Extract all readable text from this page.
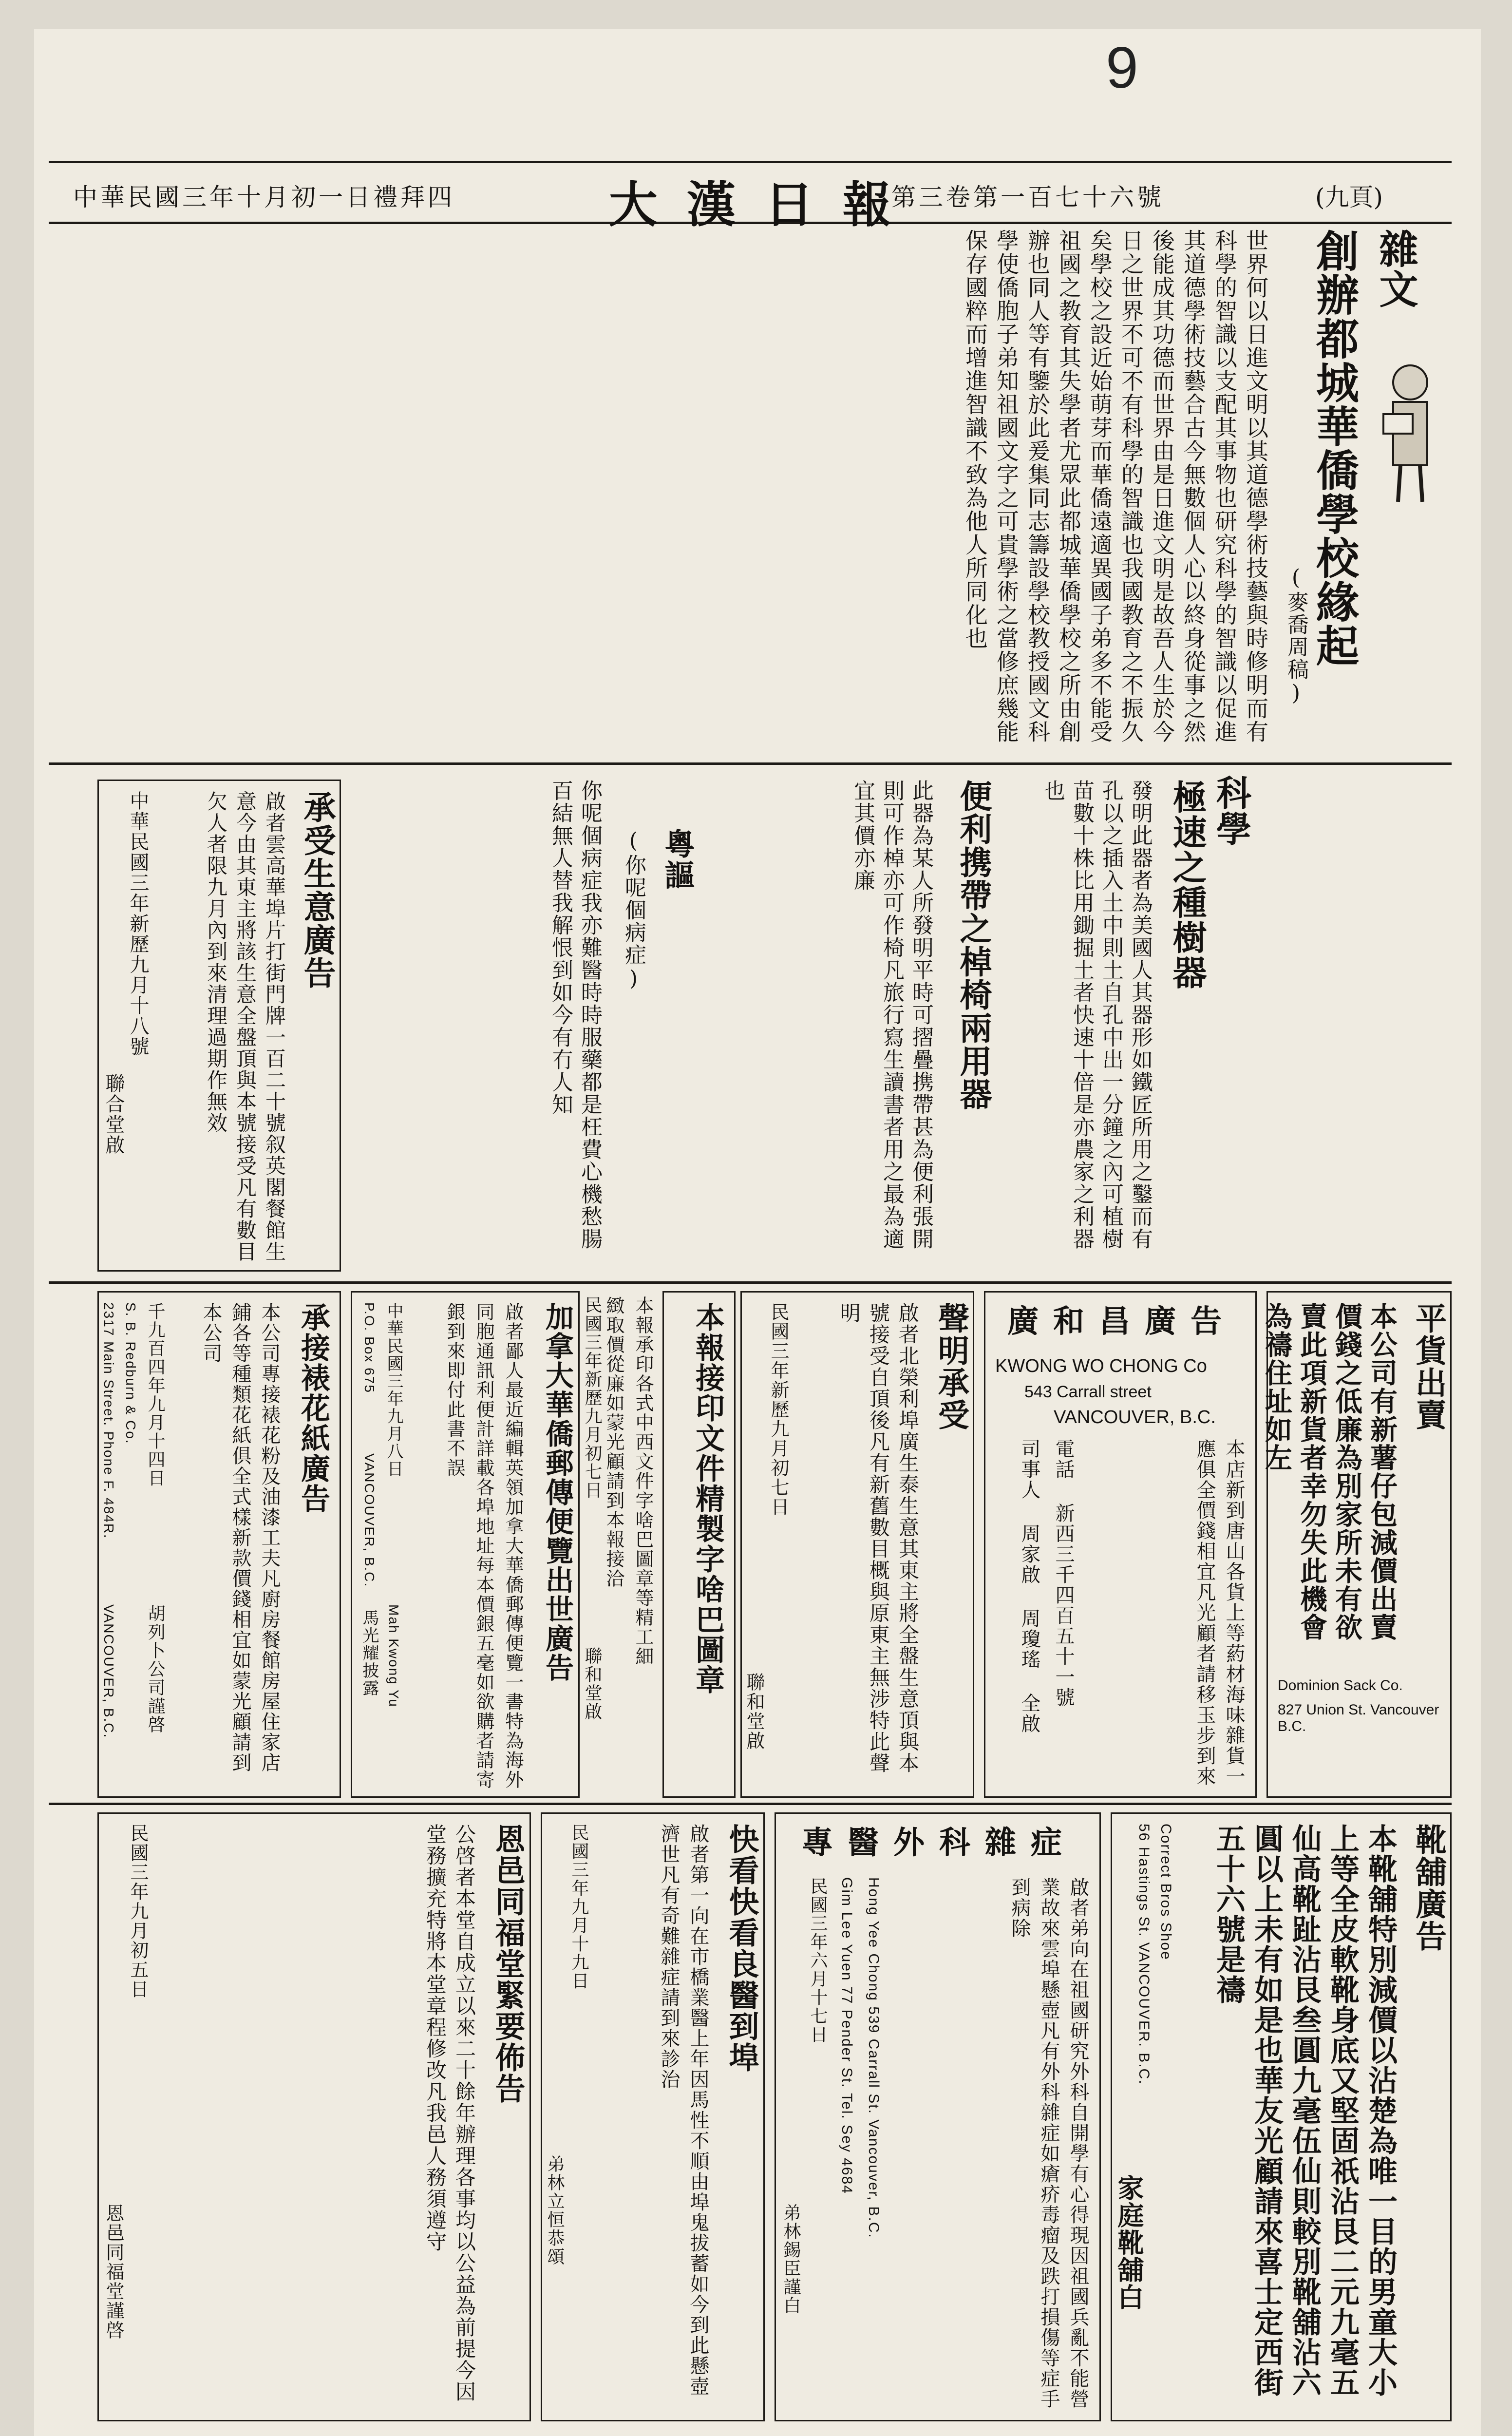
9
中華民國三年十月初一日禮拜四	大漢日報
第三卷第一百七十六號	(九頁)
雜文
創辦都城華僑學校緣起
(麥喬周稿)
世界何以日進文明以其道德學術技藝與時修明而有科學的智識以支配其事物也研究科學的智識以促進其道德學術技藝合古今無數個人心以終身從事之然後能成其功德而世界由是日進文明是故吾人生於今日之世界不可不有科學的智識也我國教育之不振久矣學校之設近始萌芽而華僑遠適異國子弟多不能受祖國之教育其失學者尤眾此都城華僑學校之所由創辦也同人等有鑒於此爰集同志籌設學校教授國文科學使僑胞子弟知祖國文字之可貴學術之當修庶幾能保存國粹而增進智識不致為他人所同化也
科學
極速之種樹器
發明此器者為美國人其器形如鐵匠所用之鑿而有孔以之插入土中則土自孔中出一分鐘之內可植樹苗數十株比用鋤掘土者快速十倍是亦農家之利器也
便利携帶之棹椅兩用器
此器為某人所發明平時可摺疊携帶甚為便利張開則可作棹亦可作椅凡旅行寫生讀書者用之最為適宜其價亦廉
粵謳
(你呢個病症)
你呢個病症我亦難醫時時服藥都是枉費心機愁腸百結無人替我解恨到如今有冇人知
承受生意廣告
啟者雲高華埠片打街門牌一百二十號叙英閣餐館生意今由其東主將該生意全盤頂與本號接受凡有數目欠人者限九月內到來清理過期作無效
中華民國三年新歷九月十八號
聯合堂啟
平貨出賣
本公司有新薯仔包減價出賣價錢之低廉為別家所未有欲賣此項新貨者幸勿失此機會為禱住址如左
Dominion Sack Co.
827 Union St. Vancouver B.C.
廣和昌廣告
KWONG WO CHONG Co
543 Carrall street
VANCOUVER, B.C.
本店新到唐山各貨上等葯材海味雜貨一應俱全價錢相宜凡光顧者請移玉步到來
電話 新西三千四百五十一號
司事人 周家啟 周瓊瑤 全啟
聲明承受
啟者北榮利埠廣生泰生意其東主將全盤生意頂與本號接受自頂後凡有新舊數目概與原東主無涉特此聲明
民國三年新歷九月初七日
聯和堂啟
本報接印文件精製字啥巴圖章
本報承印各式中西文件字啥巴圖章等精工細緻取價從廉如蒙光顧請到本報接洽
民國三年新歷九月初七日
聯和堂啟
加拿大華僑郵傳便覽出世廣告
啟者鄙人最近編輯英領加拿大華僑郵傳便覽一書特為海外同胞通訊利便計詳載各埠地址每本價銀五毫如欲購者請寄銀到來即付此書不誤
中華民國三年九月八日
馬光耀披露 Mah Kwong Yu
P.O. Box 675
VANCOUVER, B.C.
承接裱花紙廣告
本公司專接裱花粉及油漆工夫凡廚房餐館房屋住家店鋪各等種類花紙俱全式樣新款價錢相宜如蒙光顧請到本公司
千九百四年九月十四日
胡列卜公司謹啓
S. B. Redburn & Co.
2317 Main Street. Phone F. 484R.
VANCOUVER, B.C.
靴舖廣告
本靴舖特別減價以沾楚為唯一目的男童大小上等全皮軟靴身底又堅固祇沾艮二元九毫五仙高靴趾沾艮叁圓九毫伍仙則較別靴舖沾六圓以上未有如是也華友光顧請來喜士定西街五十六號是禱
Correct Bros Shoe
56 Hastings St. VANCOUVER. B.C.
家庭靴舖白
專醫外科雜症
啟者弟向在祖國研究外科自開學有心得現因祖國兵亂不能營業故來雲埠懸壺凡有外科雜症如瘡疥毒瘤及跌打損傷等症手到病除
Hong Yee Chong 539 Carrall St. Vancouver, B.C.
Gim Lee Yuen 77 Pender St. Tel. Sey 4684
民國三年六月十七日
弟林錫臣謹白
快看快看良醫到埠
啟者第一向在市橋業醫上年因馬性不順由埠鬼拔蓄如今到此懸壺濟世凡有奇難雜症請到來診治
民國三年九月十九日
弟林立恒恭頌
恩邑同福堂緊要佈告
公啓者本堂自成立以來二十餘年辦理各事均以公益為前提今因堂務擴充特將本堂章程修改凡我邑人務須遵守
民國三年九月初五日
恩邑同福堂謹啓
